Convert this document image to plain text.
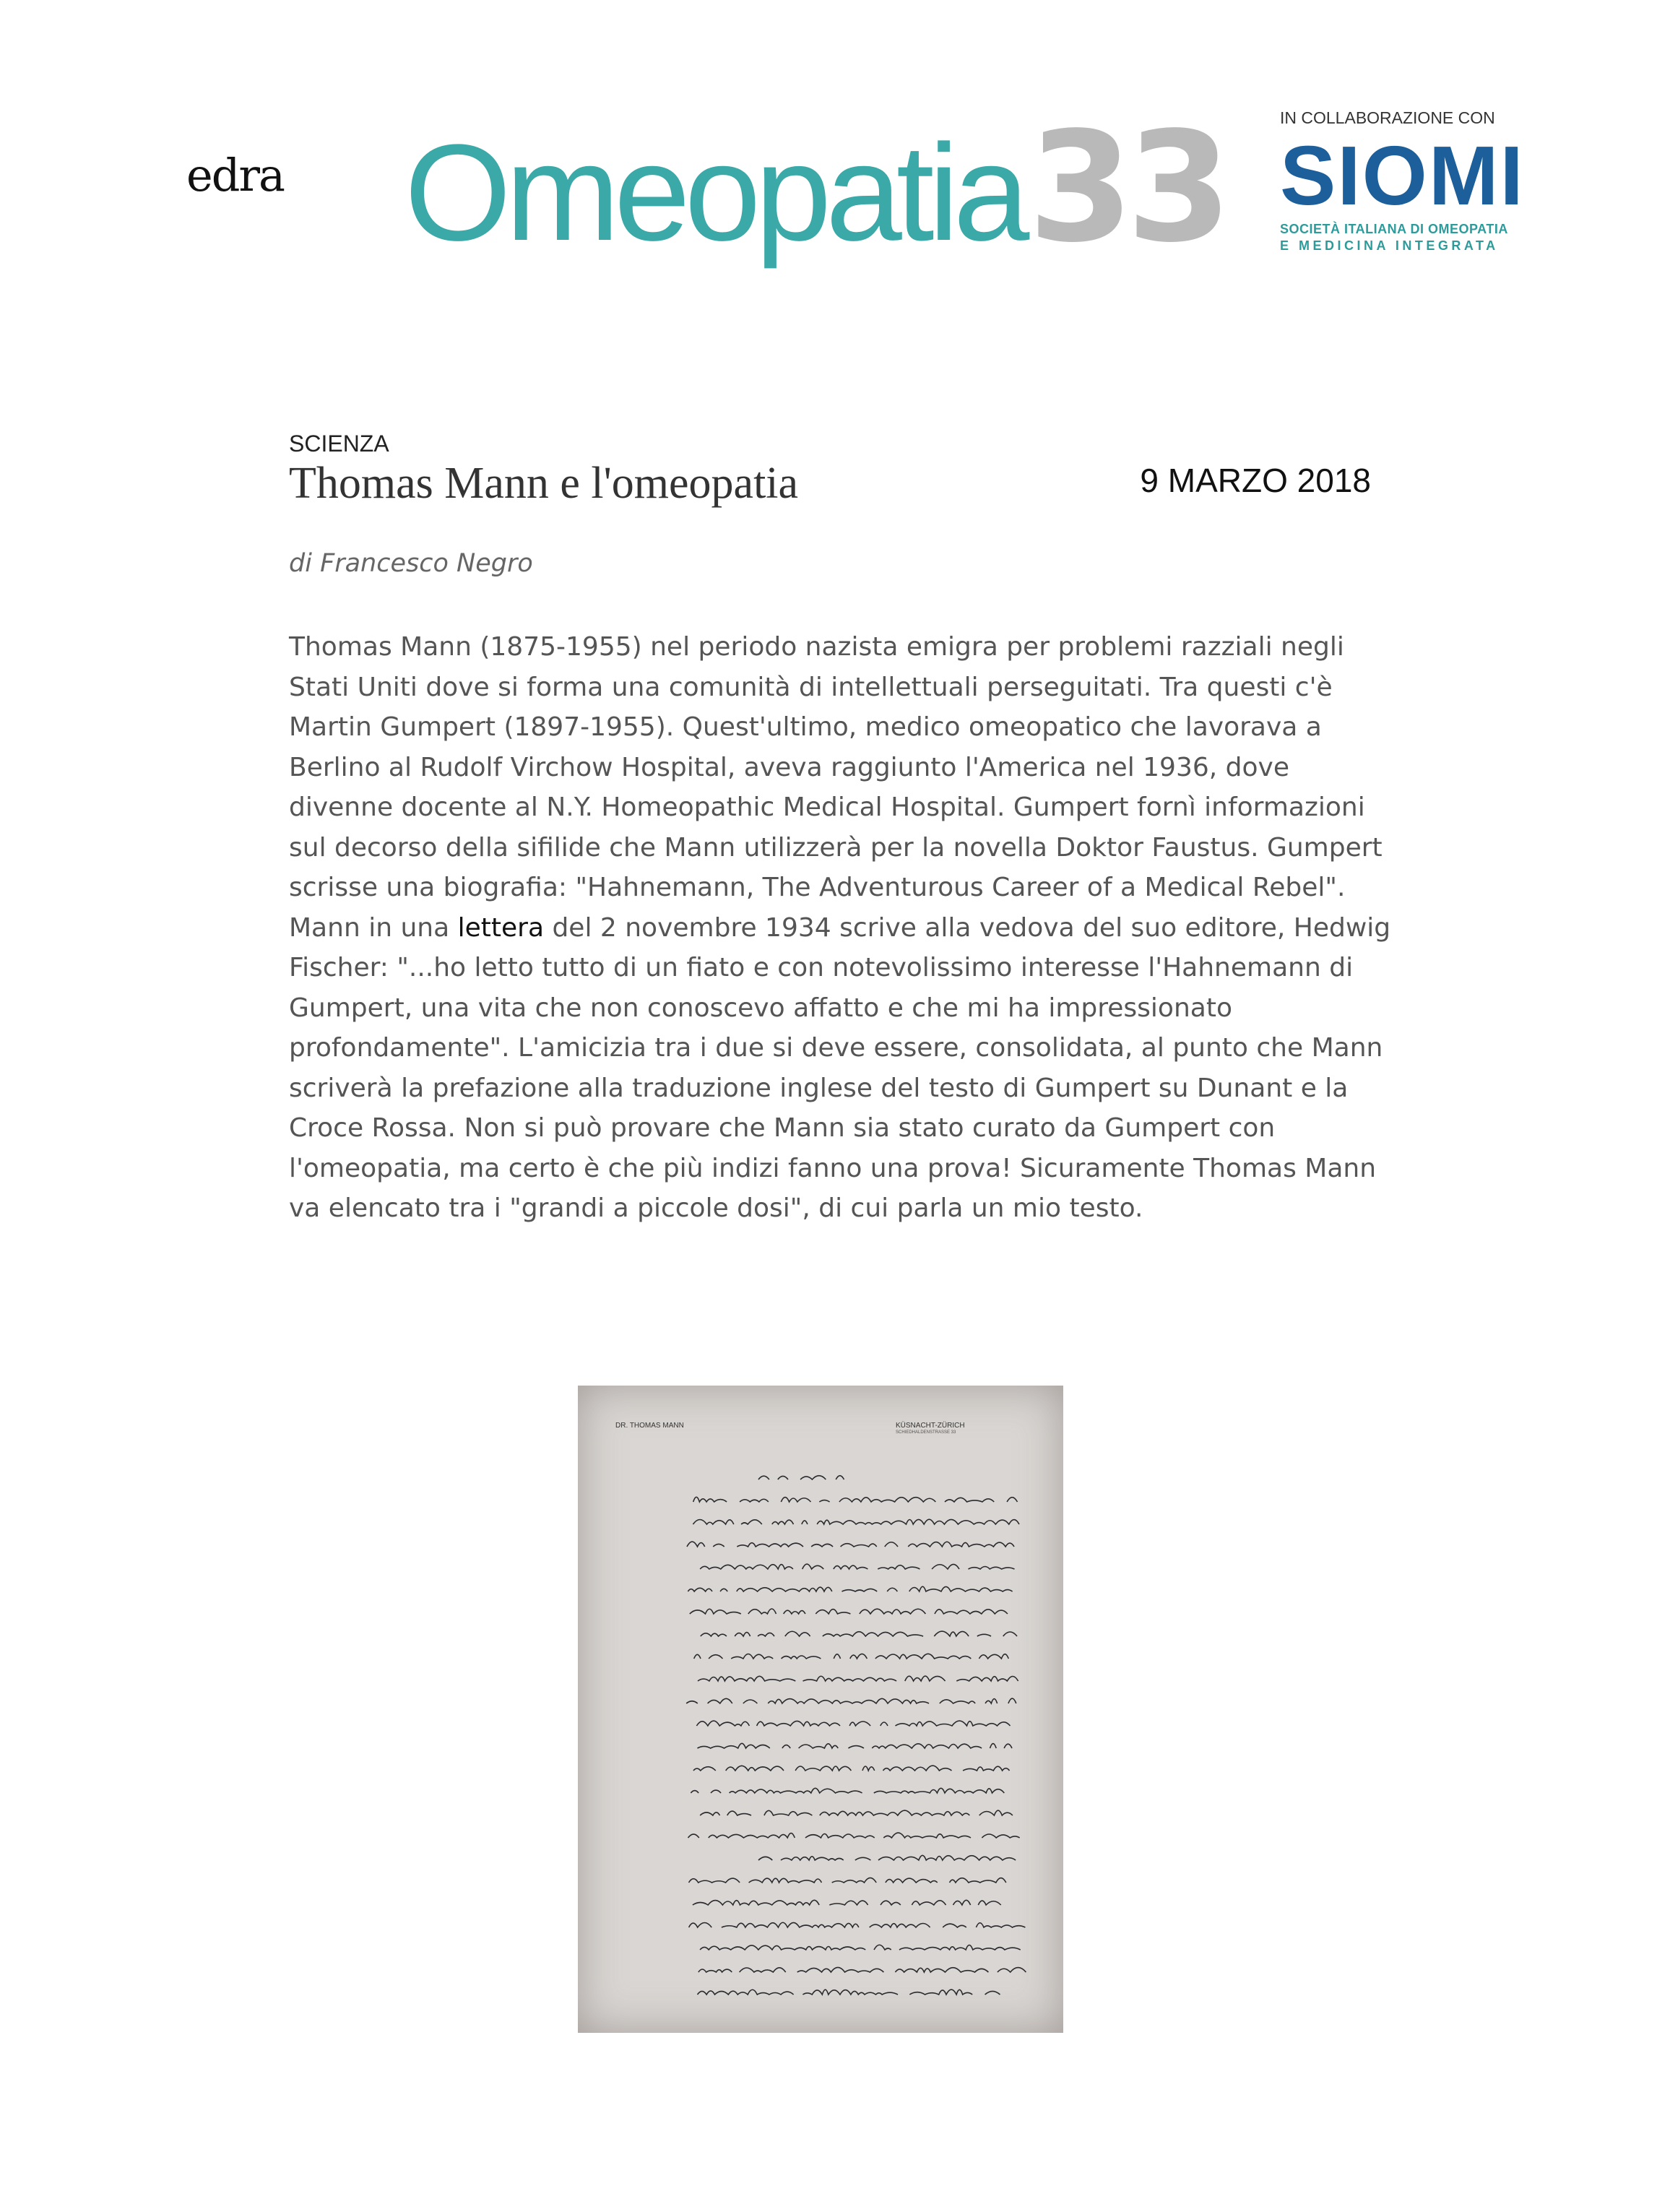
edra Omeopatia33	IN COLLABORAZIONE CON
SIOMI
SOCIETÀ ITALIANA DI OMEOPATIA
E MEDICINA INTEGRATA
SCIENZA
Thomas Mann e l'omeopatia	9 MARZO 2018
di Francesco Negro

Thomas Mann (1875-1955) nel periodo nazista emigra per problemi razziali negli Stati Uniti dove si forma una comunità di intellettuali perseguitati. Tra questi c'è Martin Gumpert (1897-1955). Quest'ultimo, medico omeopatico che lavorava a Berlino al Rudolf Virchow Hospital, aveva raggiunto l'America nel 1936, dove divenne docente al N.Y. Homeopathic Medical Hospital. Gumpert fornì informazioni sul decorso della sifilide che Mann utilizzerà per la novella Doktor Faustus. Gumpert scrisse una biografia: "Hahnemann, The Adventurous Career of a Medical Rebel".

Mann in una lettera del 2 novembre 1934 scrive alla vedova del suo editore, Hedwig Fischer: "...ho letto tutto di un fiato e con notevolissimo interesse l'Hahnemann di Gumpert, una vita che non conoscevo affatto e che mi ha impressionato profondamente". L'amicizia tra i due si deve essere, consolidata, al punto che Mann scriverà la prefazione alla traduzione inglese del testo di Gumpert su Dunant e la Croce Rossa. Non si può provare che Mann sia stato curato da Gumpert con l'omeopatia, ma certo è che più indizi fanno una prova! Sicuramente Thomas Mann va elencato tra i "grandi a piccole dosi", di cui parla un mio testo.

DR. THOMAS MANN	KÜSNACHT-ZÜRICH
SCHIEDHALDENSTRASSE 33
